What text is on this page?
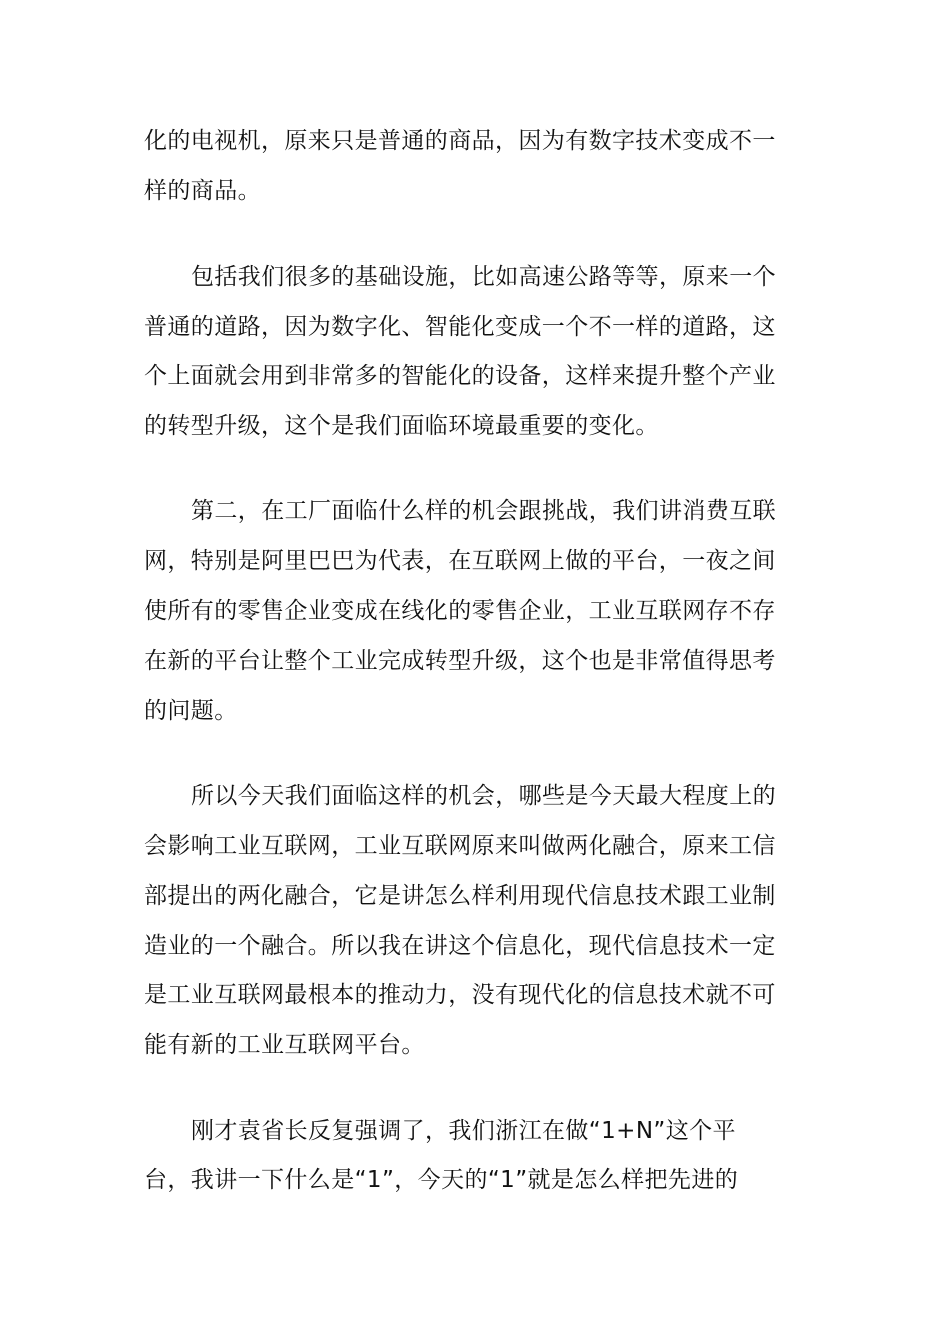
化的电视机，原来只是普通的商品，因为有数字技术变成不一

样的商品。

包括我们很多的基础设施，比如高速公路等等，原来一个

普通的道路，因为数字化、智能化变成一个不一样的道路，这

个上面就会用到非常多的智能化的设备，这样来提升整个产业

的转型升级，这个是我们面临环境最重要的变化。

第二，在工厂面临什么样的机会跟挑战，我们讲消费互联

网，特别是阿里巴巴为代表，在互联网上做的平台，一夜之间

使所有的零售企业变成在线化的零售企业，工业互联网存不存

在新的平台让整个工业完成转型升级，这个也是非常值得思考

的问题。

所以今天我们面临这样的机会，哪些是今天最大程度上的

会影响工业互联网，工业互联网原来叫做两化融合，原来工信

部提出的两化融合，它是讲怎么样利用现代信息技术跟工业制

造业的一个融合。所以我在讲这个信息化，现代信息技术一定

是工业互联网最根本的推动力，没有现代化的信息技术就不可

能有新的工业互联网平台。

刚才袁省长反复强调了，我们浙江在做“1+N”这个平

台，我讲一下什么是“1”，今天的“1”就是怎么样把先进的
